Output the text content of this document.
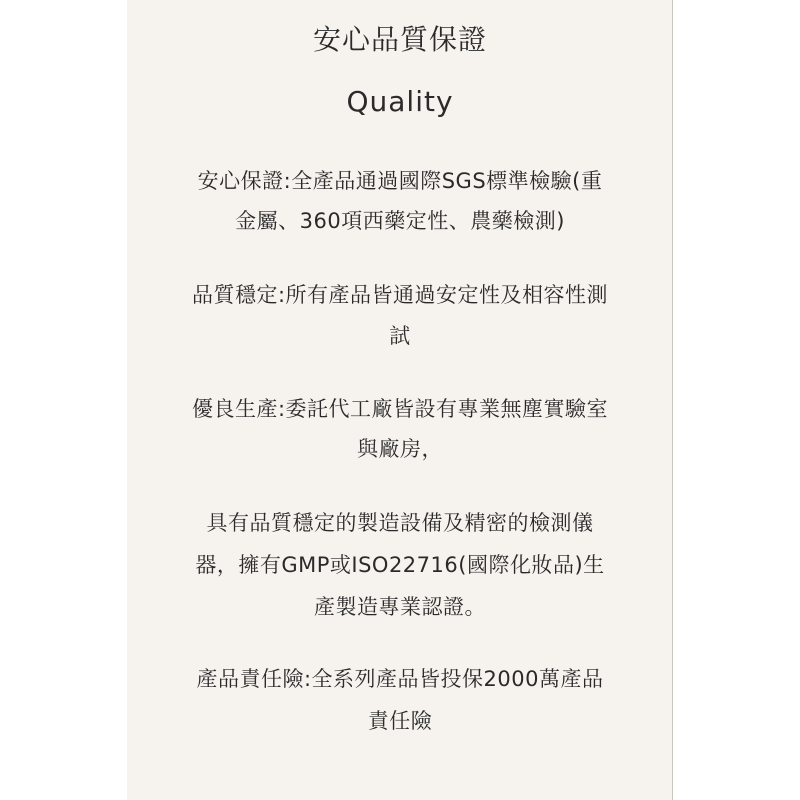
安心品質保證
Quality
安心保證:全產品通過國際SGS標準檢驗(重
金屬、360項西藥定性、農藥檢測)
品質穩定:所有產品皆通過安定性及相容性測
試
優良生產:委託代工廠皆設有專業無塵實驗室
與廠房，
具有品質穩定的製造設備及精密的檢測儀
器，擁有GMP或ISO22716(國際化妝品)生
產製造專業認證。
產品責任險:全系列產品皆投保2000萬產品
責任險
